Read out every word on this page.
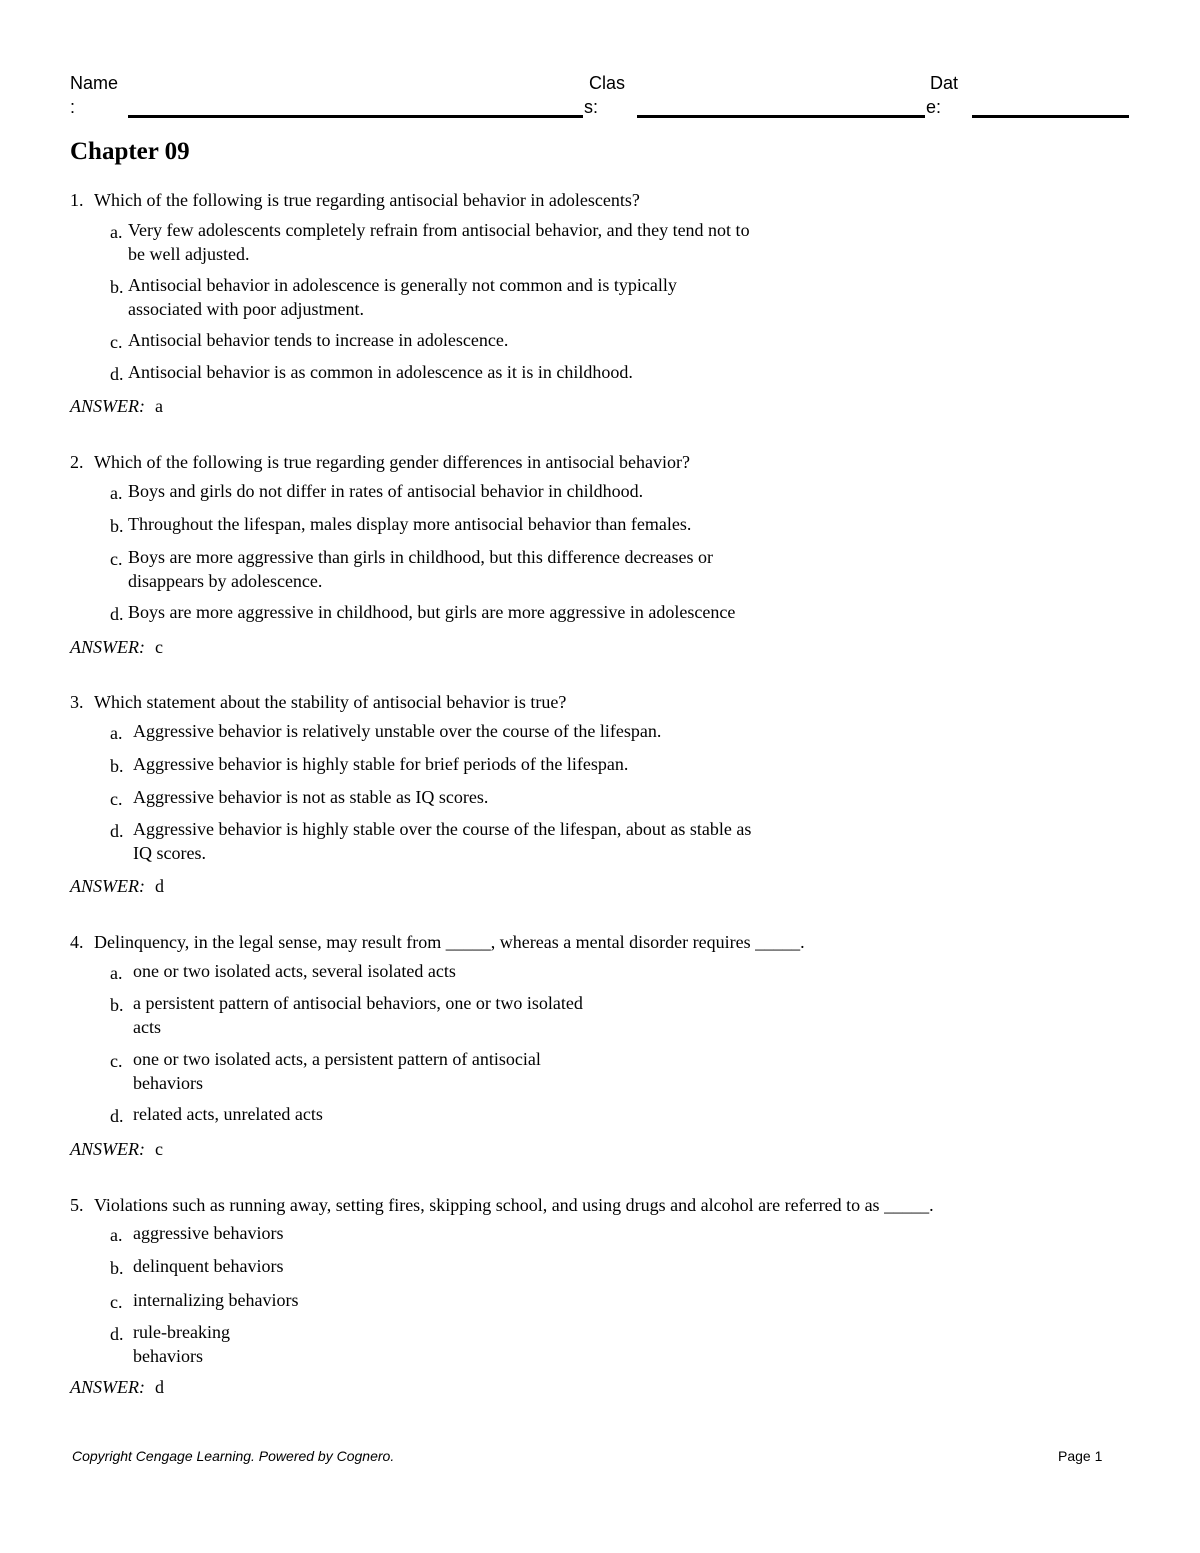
Name
:
Clas
s:
Dat
e:
Chapter 09
1. Which of the following is true regarding antisocial behavior in adolescents?
a. Very few adolescents completely refrain from antisocial behavior, and they tend not to
be well adjusted.
b. Antisocial behavior in adolescence is generally not common and is typically
associated with poor adjustment.
c. Antisocial behavior tends to increase in adolescence.
d. Antisocial behavior is as common in adolescence as it is in childhood.
ANSWER: a
2. Which of the following is true regarding gender differences in antisocial behavior?
a. Boys and girls do not differ in rates of antisocial behavior in childhood.
b. Throughout the lifespan, males display more antisocial behavior than females.
c. Boys are more aggressive than girls in childhood, but this difference decreases or
disappears by adolescence.
d. Boys are more aggressive in childhood, but girls are more aggressive in adolescence
ANSWER: c
3. Which statement about the stability of antisocial behavior is true?
a. Aggressive behavior is relatively unstable over the course of the lifespan.
b. Aggressive behavior is highly stable for brief periods of the lifespan.
c. Aggressive behavior is not as stable as IQ scores.
d. Aggressive behavior is highly stable over the course of the lifespan, about as stable as
IQ scores.
ANSWER: d
4. Delinquency, in the legal sense, may result from _____, whereas a mental disorder requires _____.
a. one or two isolated acts, several isolated acts
b. a persistent pattern of antisocial behaviors, one or two isolated
acts
c. one or two isolated acts, a persistent pattern of antisocial
behaviors
d. related acts, unrelated acts
ANSWER: c
5. Violations such as running away, setting fires, skipping school, and using drugs and alcohol are referred to as _____.
a. aggressive behaviors
b. delinquent behaviors
c. internalizing behaviors
d. rule-breaking
behaviors
ANSWER: d
Copyright Cengage Learning. Powered by Cognero.	Page 1
